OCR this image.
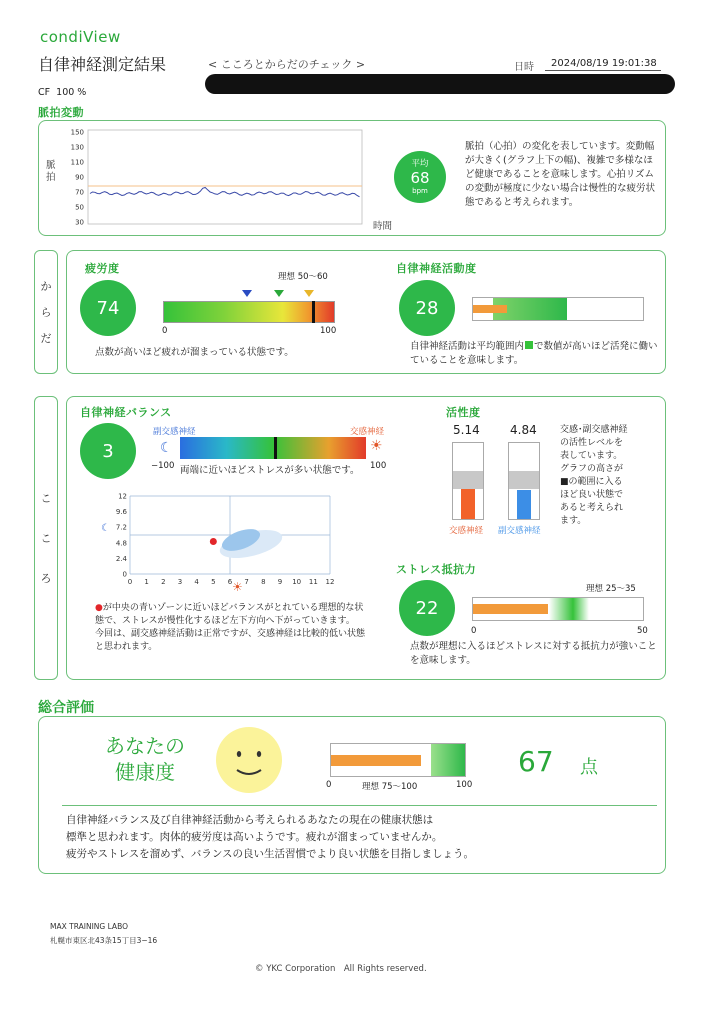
condiView
自律神経測定結果	< こころとからだのチェック >	日時	2024/08/19 19:01:38
CF 100 %
脈拍変動
脈拍
150
130
110
90
70
50
30	時間
平均
68
bpm
脈拍（心拍）の変化を表しています。変動幅が大きく(グラフ上下の幅)、複雑で多様なほど健康であることを意味します。心拍リズムの変動が極度に少ない場合は慢性的な疲労状態であると考えられます。
か
ら
だ
疲労度
74
理想 50〜60
0	100
点数が高いほど疲れが溜まっている状態です。
自律神経活動度
28
自律神経活動は平均範囲内 で数値が高いほど活発に働いていることを意味します。
こ
こ
ろ
自律神経バランス
3
副交感神経	交感神経
☾	☀
−100	100
両端に近いほどストレスが多い状態です。
12
9.6
7.2
4.8
2.4
0
0 1 2 3 4 5 6 7 8 9 10 11 12
☾
☀
●が中央の青いゾーンに近いほどバランスがとれている理想的な状態で、ストレスが慢性化するほど左下方向へ下がっていきます。
今回は、副交感神経活動は正常ですが、交感神経は比較的低い状態と思われます。
活性度
5.14	4.84
交感神経 副交感神経
交感･副交感神経
の活性レベルを
表しています。
グラフの高さが
■の範囲に入る
ほど良い状態で
あると考えられ
ます。
ストレス抵抗力
理想 25〜35
22
0	50
点数が理想に入るほどストレスに対する抵抗力が強いことを意味します。
総合評価
あなたの
健康度
0	理想 75〜100	100
67 点
自律神経バランス及び自律神経活動から考えられるあなたの現在の健康状態は
標準と思われます。肉体的疲労度は高いようです。疲れが溜まっていませんか。
疲労やストレスを溜めず、バランスの良い生活習慣でより良い状態を目指しましょう。
MAX TRAINING LABO
札幌市東区北43条15丁目3−16
© YKC Corporation　All Rights reserved.
